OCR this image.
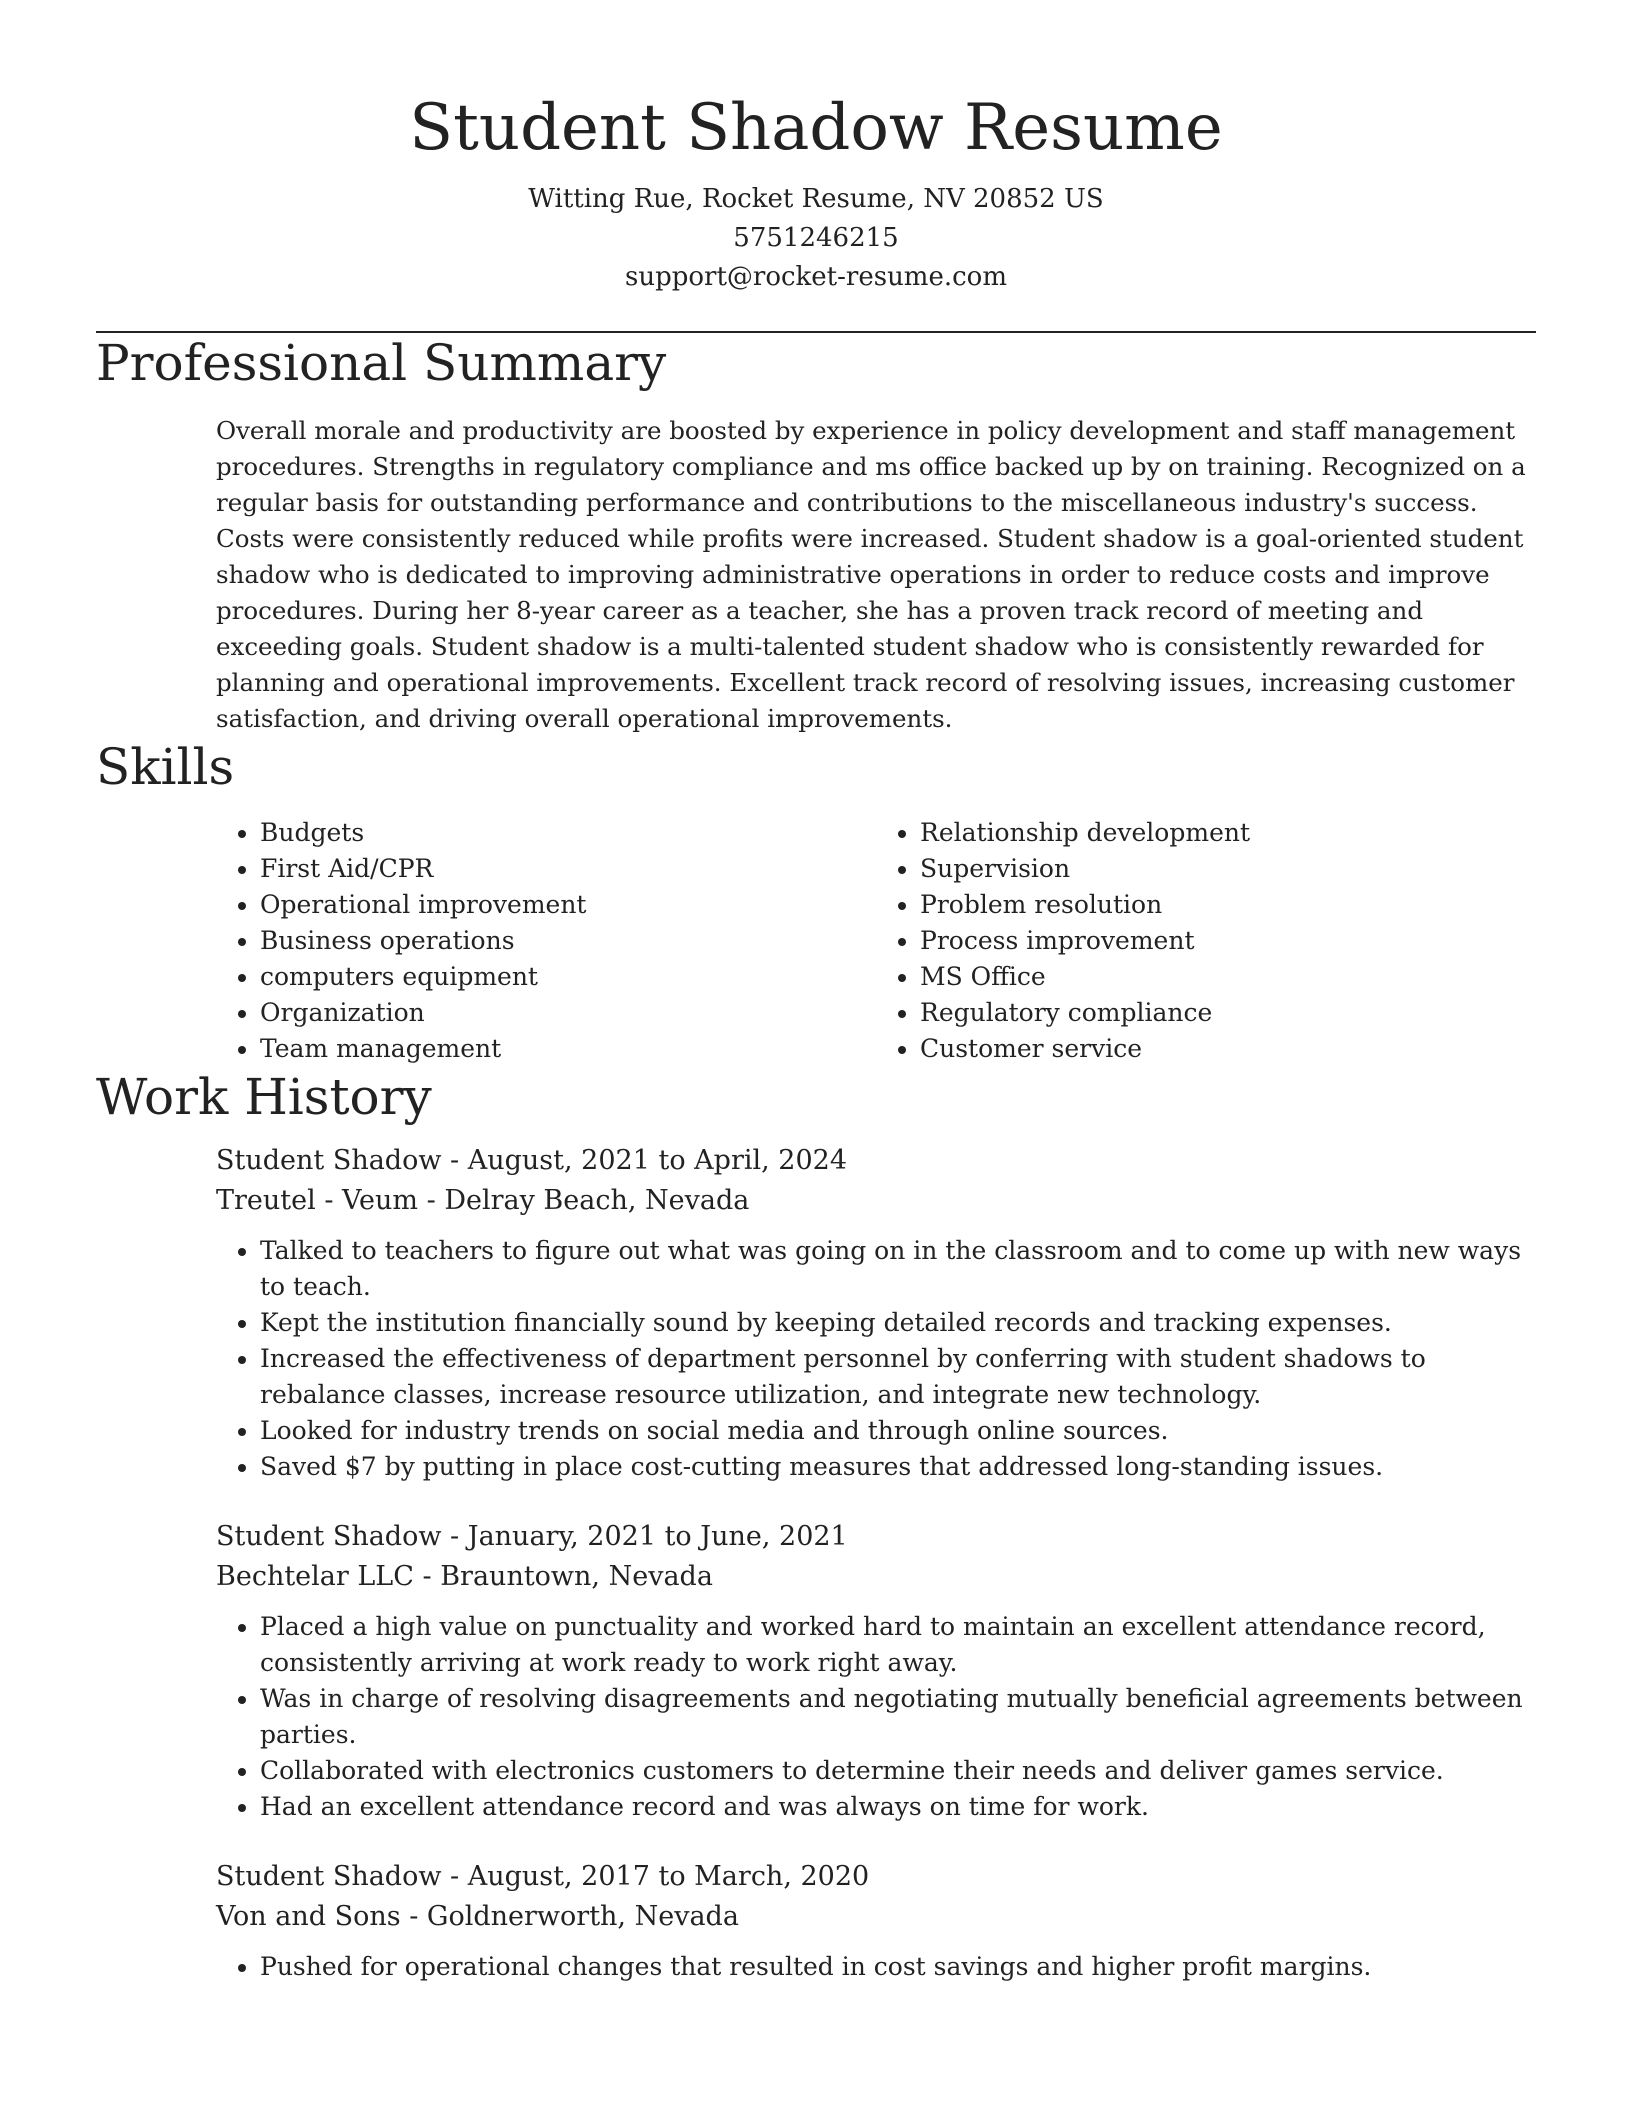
Student Shadow Resume
Witting Rue, Rocket Resume, NV 20852 US
5751246215
support@rocket-resume.com
Professional Summary

Overall morale and productivity are boosted by experience in policy development and staff management procedures. Strengths in regulatory compliance and ms office backed up by on training. Recognized on a regular basis for outstanding performance and contributions to the miscellaneous industry's success. Costs were consistently reduced while profits were increased. Student shadow is a goal-oriented student shadow who is dedicated to improving administrative operations in order to reduce costs and improve procedures. During her 8-year career as a teacher, she has a proven track record of meeting and exceeding goals. Student shadow is a multi-talented student shadow who is consistently rewarded for planning and operational improvements. Excellent track record of resolving issues, increasing customer satisfaction, and driving overall operational improvements.

Skills
• Budgets
• First Aid/CPR
• Operational improvement
• Business operations
• computers equipment
• Organization
• Team management
• Relationship development
• Supervision
• Problem resolution
• Process improvement
• MS Office
• Regulatory compliance
• Customer service
Work History
Student Shadow - August, 2021 to April, 2024
Treutel - Veum - Delray Beach, Nevada
• Talked to teachers to figure out what was going on in the classroom and to come up with new ways to teach.
• Kept the institution financially sound by keeping detailed records and tracking expenses.
• Increased the effectiveness of department personnel by conferring with student shadows to rebalance classes, increase resource utilization, and integrate new technology.
• Looked for industry trends on social media and through online sources.
• Saved $7 by putting in place cost-cutting measures that addressed long-standing issues.
Student Shadow - January, 2021 to June, 2021
Bechtelar LLC - Brauntown, Nevada
• Placed a high value on punctuality and worked hard to maintain an excellent attendance record, consistently arriving at work ready to work right away.
• Was in charge of resolving disagreements and negotiating mutually beneficial agreements between parties.
• Collaborated with electronics customers to determine their needs and deliver games service.
• Had an excellent attendance record and was always on time for work.
Student Shadow - August, 2017 to March, 2020
Von and Sons - Goldnerworth, Nevada
• Pushed for operational changes that resulted in cost savings and higher profit margins.
